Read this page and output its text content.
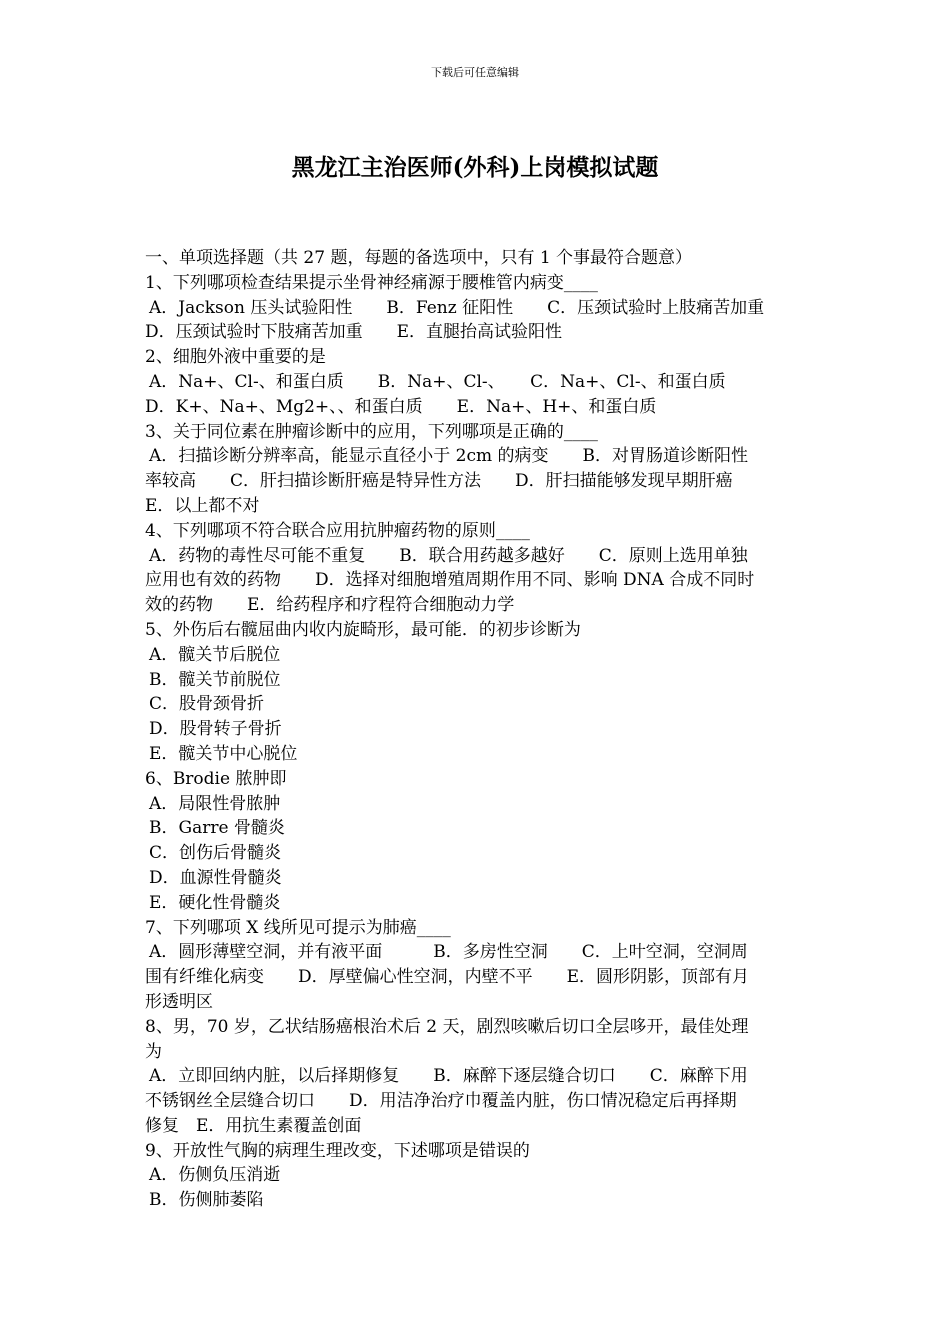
下载后可任意编辑
黑龙江主治医师(外科)上岗模拟试题
一、单项选择题（共 27 题，每题的备选项中，只有 1 个事最符合题意）
1、下列哪项检查结果提示坐骨神经痛源于腰椎管内病变____
A．Jackson 压头试验阳性　　B．Fenz 征阳性　　C．压颈试验时上肢痛苦加重
D．压颈试验时下肢痛苦加重　　E．直腿抬高试验阳性
2、细胞外液中重要的是
A．Na+、Cl-、和蛋白质　　B．Na+、Cl-、　　C．Na+、Cl-、和蛋白质
D．K+、Na+、Mg2+、、和蛋白质　　E．Na+、H+、和蛋白质
3、关于同位素在肿瘤诊断中的应用，下列哪项是正确的____
A．扫描诊断分辨率高，能显示直径小于 2cm 的病变　　B．对胃肠道诊断阳性
率较高　　C．肝扫描诊断肝癌是特异性方法　　D．肝扫描能够发现早期肝癌
E．以上都不对
4、下列哪项不符合联合应用抗肿瘤药物的原则____
A．药物的毒性尽可能不重复　　B．联合用药越多越好　　C．原则上选用单独
应用也有效的药物　　D．选择对细胞增殖周期作用不同、影响 DNA 合成不同时
效的药物　　E．给药程序和疗程符合细胞动力学
5、外伤后右髋屈曲内收内旋畸形，最可能．的初步诊断为
A．髋关节后脱位
B．髋关节前脱位
C．股骨颈骨折
D．股骨转子骨折
E．髋关节中心脱位
6、Brodie 脓肿即
A．局限性骨脓肿
B．Garre 骨髓炎
C．创伤后骨髓炎
D．血源性骨髓炎
E．硬化性骨髓炎
7、下列哪项 X 线所见可提示为肺癌____
A．圆形薄壁空洞，并有液平面　　　B．多房性空洞　　C．上叶空洞，空洞周
围有纤维化病变　　D．厚壁偏心性空洞，内壁不平　　E．圆形阴影，顶部有月
形透明区
8、男，70 岁，乙状结肠癌根治术后 2 天，剧烈咳嗽后切口全层哆开，最佳处理
为
A．立即回纳内脏，以后择期修复　　B．麻醉下逐层缝合切口　　C．麻醉下用
不锈钢丝全层缝合切口　　D．用洁净治疗巾覆盖内脏，伤口情况稳定后再择期
修复　E．用抗生素覆盖创面
9、开放性气胸的病理生理改变，下述哪项是错误的
A．伤侧负压消逝
B．伤侧肺萎陷
